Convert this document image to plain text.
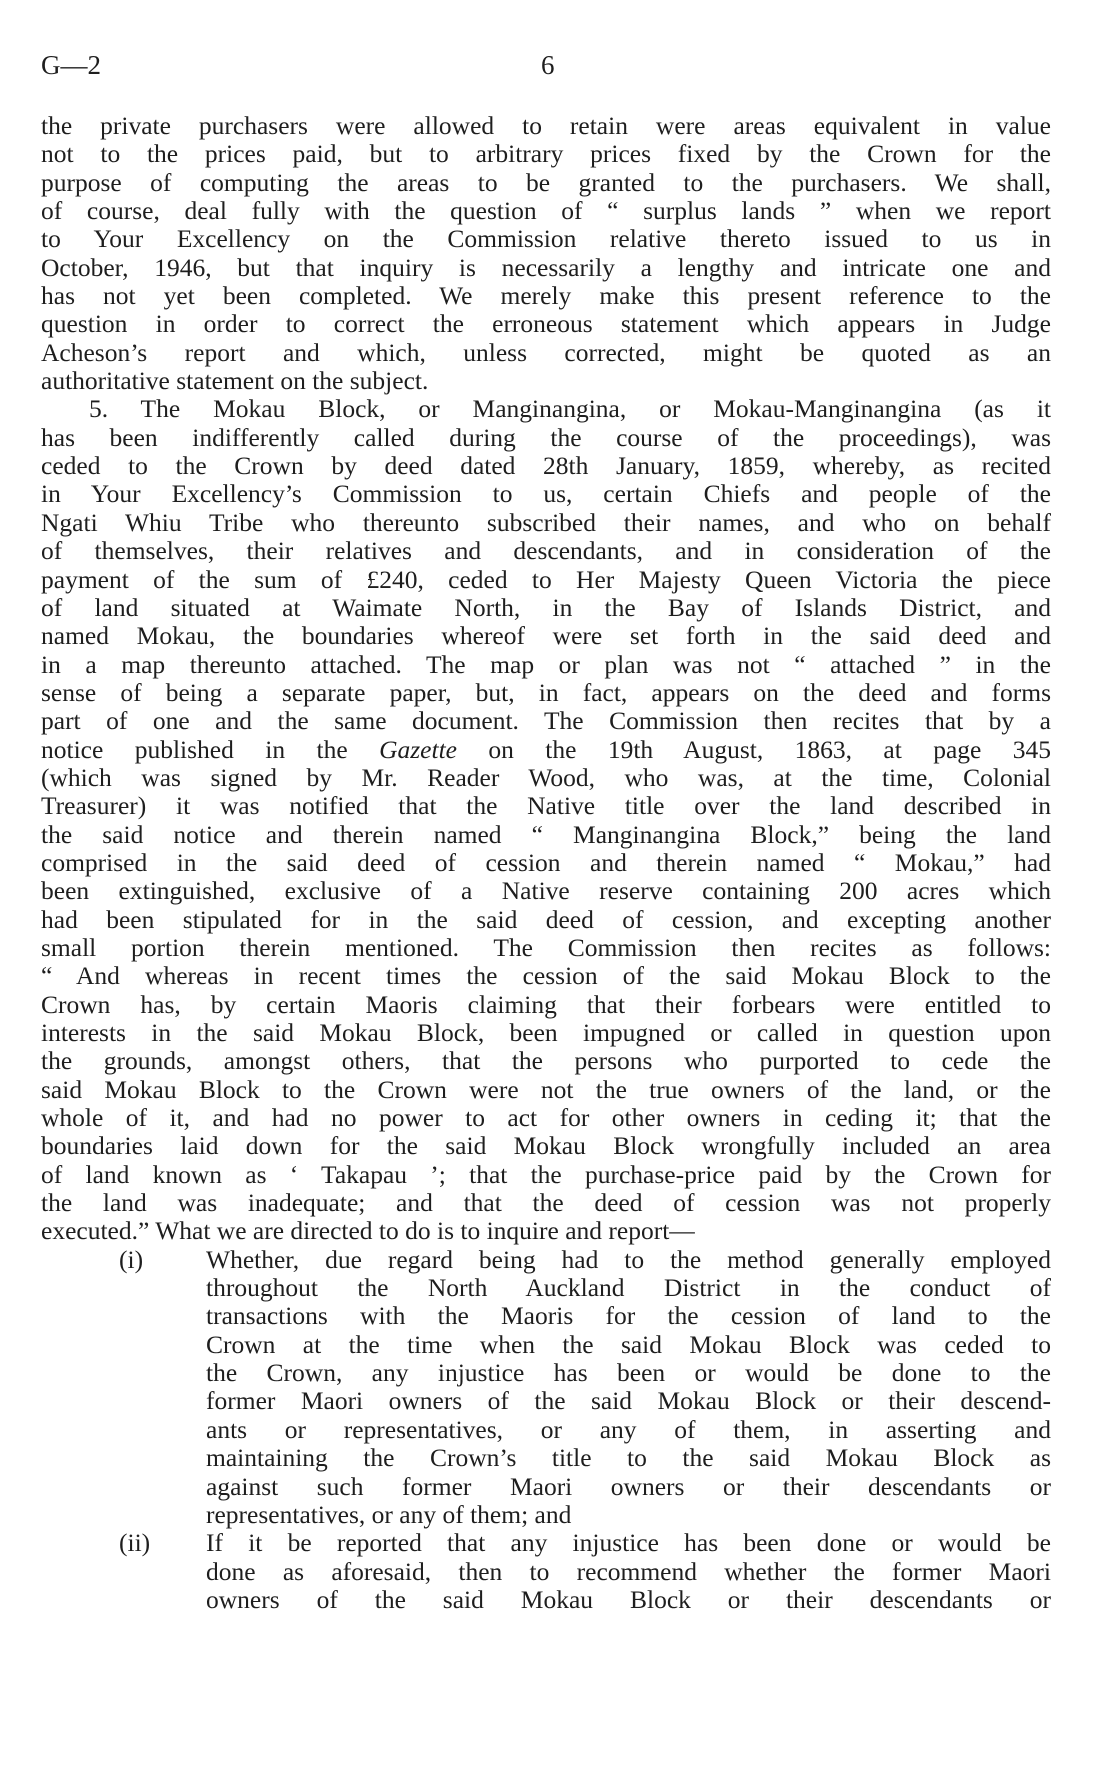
G—2	6
the private purchasers were allowed to retain were areas equivalent in value
not to the prices paid, but to arbitrary prices fixed by the Crown for the
purpose of computing the areas to be granted to the purchasers. We shall,
of course, deal fully with the question of “ surplus lands ” when we report
to Your Excellency on the Commission relative thereto issued to us in
October, 1946, but that inquiry is necessarily a lengthy and intricate one and
has not yet been completed. We merely make this present reference to the
question in order to correct the erroneous statement which appears in Judge
Acheson’s report and which, unless corrected, might be quoted as an
authoritative statement on the subject.
5. The Mokau Block, or Manginangina, or Mokau-Manginangina (as it
has been indifferently called during the course of the proceedings), was
ceded to the Crown by deed dated 28th January, 1859, whereby, as recited
in Your Excellency’s Commission to us, certain Chiefs and people of the
Ngati Whiu Tribe who thereunto subscribed their names, and who on behalf
of themselves, their relatives and descendants, and in consideration of the
payment of the sum of £240, ceded to Her Majesty Queen Victoria the piece
of land situated at Waimate North, in the Bay of Islands District, and
named Mokau, the boundaries whereof were set forth in the said deed and
in a map thereunto attached. The map or plan was not “ attached ” in the
sense of being a separate paper, but, in fact, appears on the deed and forms
part of one and the same document. The Commission then recites that by a
notice published in the Gazette on the 19th August, 1863, at page 345
(which was signed by Mr. Reader Wood, who was, at the time, Colonial
Treasurer) it was notified that the Native title over the land described in
the said notice and therein named “ Manginangina Block,” being the land
comprised in the said deed of cession and therein named “ Mokau,” had
been extinguished, exclusive of a Native reserve containing 200 acres which
had been stipulated for in the said deed of cession, and excepting another
small portion therein mentioned. The Commission then recites as follows:
“ And whereas in recent times the cession of the said Mokau Block to the
Crown has, by certain Maoris claiming that their forbears were entitled to
interests in the said Mokau Block, been impugned or called in question upon
the grounds, amongst others, that the persons who purported to cede the
said Mokau Block to the Crown were not the true owners of the land, or the
whole of it, and had no power to act for other owners in ceding it; that the
boundaries laid down for the said Mokau Block wrongfully included an area
of land known as ‘ Takapau ’; that the purchase-price paid by the Crown for
the land was inadequate; and that the deed of cession was not properly
executed.” What we are directed to do is to inquire and report—
(i) Whether, due regard being had to the method generally employed
throughout the North Auckland District in the conduct of
transactions with the Maoris for the cession of land to the
Crown at the time when the said Mokau Block was ceded to
the Crown, any injustice has been or would be done to the
former Maori owners of the said Mokau Block or their descend-
ants or representatives, or any of them, in asserting and
maintaining the Crown’s title to the said Mokau Block as
against such former Maori owners or their descendants or
representatives, or any of them; and
(ii) If it be reported that any injustice has been done or would be
done as aforesaid, then to recommend whether the former Maori
owners of the said Mokau Block or their descendants or
